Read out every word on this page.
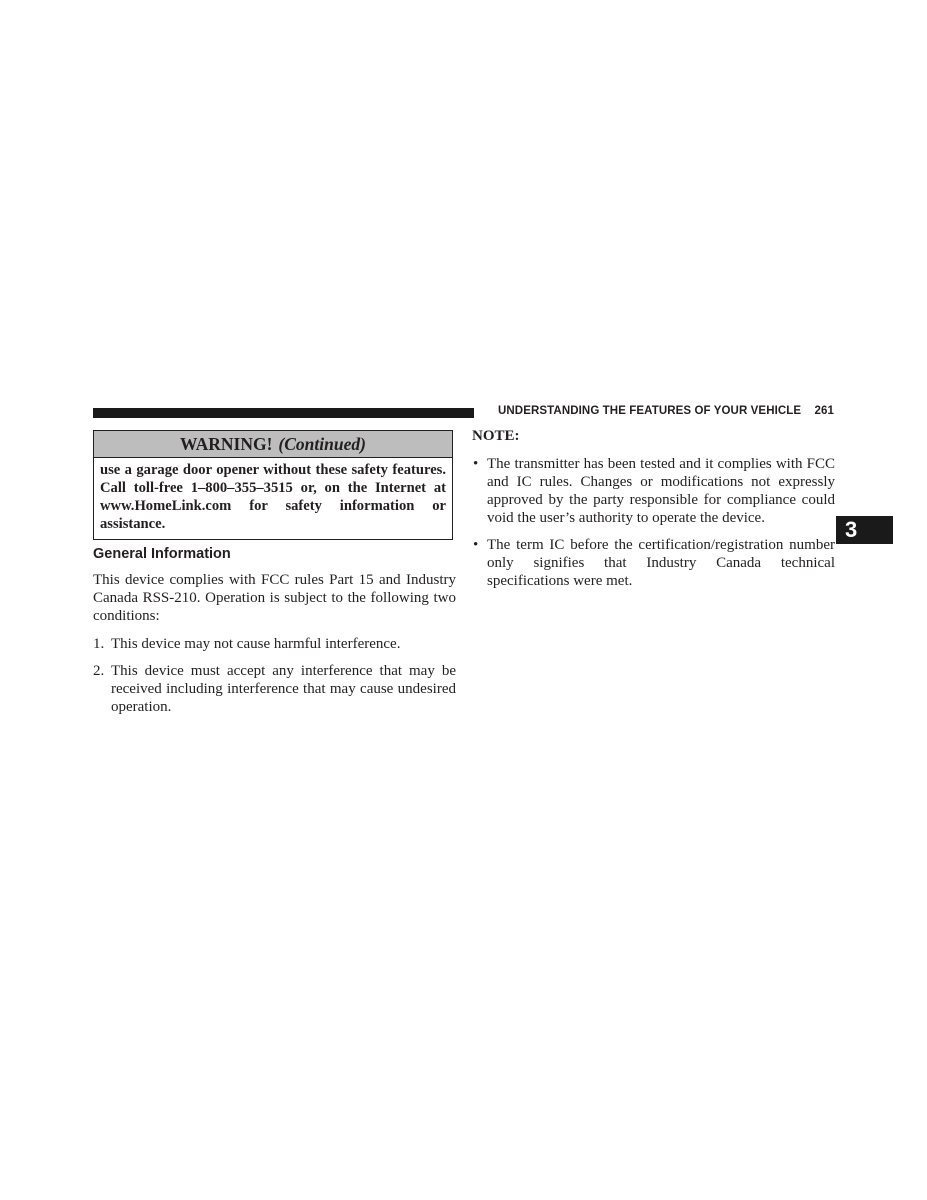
UNDERSTANDING THE FEATURES OF YOUR VEHICLE 261
WARNING! (Continued)
use a garage door opener without these safety features. Call toll-free 1–800–355–3515 or, on the Internet at www.HomeLink.com for safety information or assistance.
General Information

This device complies with FCC rules Part 15 and Industry Canada RSS-210. Operation is subject to the following two conditions:

1. This device may not cause harmful interference.
2. This device must accept any interference that may be received including interference that may cause undesired operation.
NOTE:
• The transmitter has been tested and it complies with FCC and IC rules. Changes or modifications not expressly approved by the party responsible for compliance could void the user’s authority to operate the device.
• The term IC before the certification/registration number only signifies that Industry Canada technical specifications were met.
3
